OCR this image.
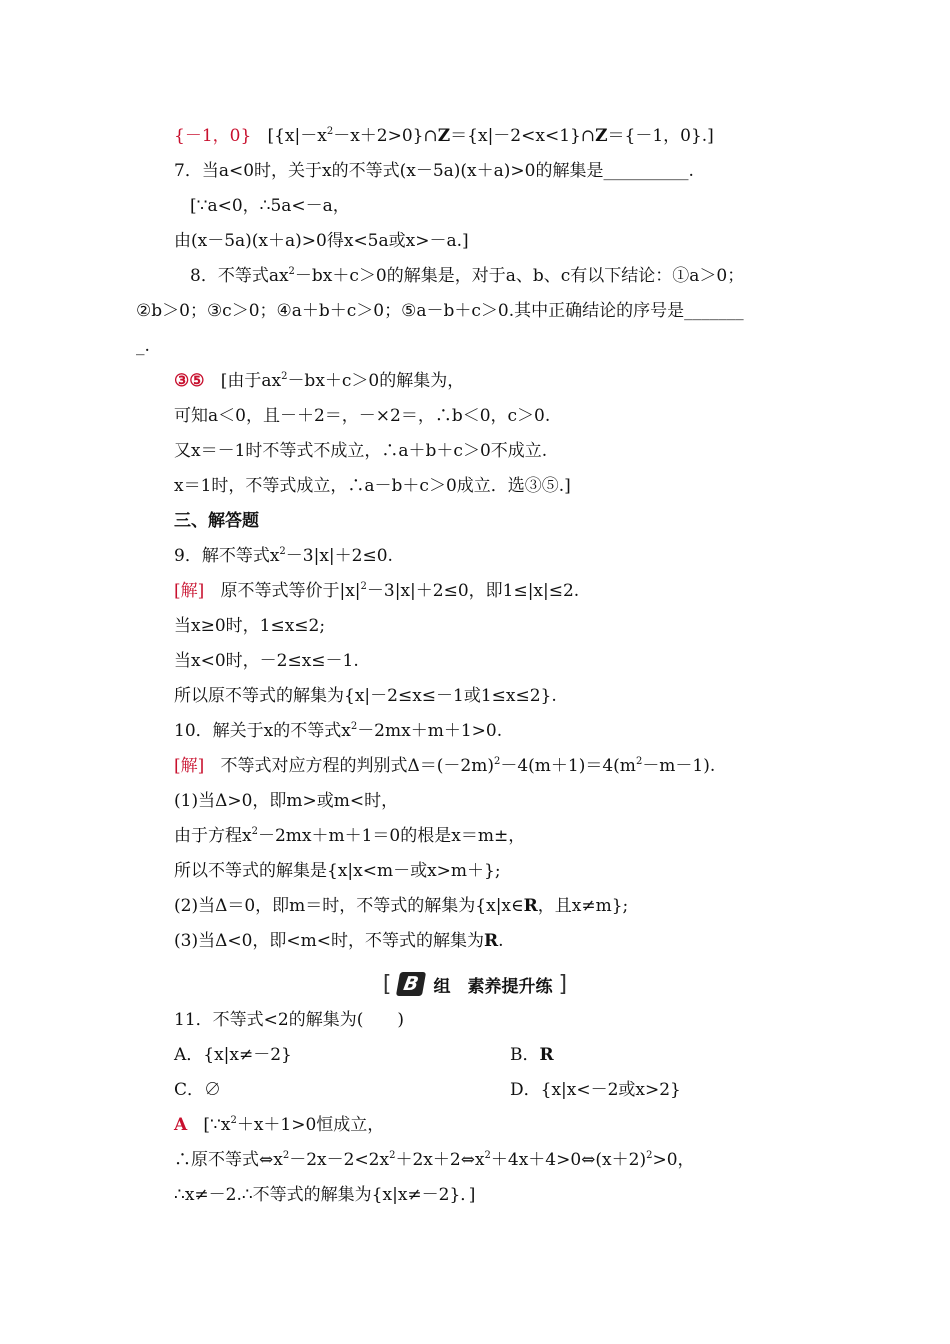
{－1，0} [$\{x|-x^2-x+2>0\}\cap Z=\{x|-2<x<1\}\cap Z=\{-1$，0}.]
7．当a<0时，关于x的不等式(x－5a)(x＋a)>0的解集是__________.
[∵a<0，∴5a<－a，
由(x－5a)(x＋a)>0得x<5a或x>－a.]
8．不等式$ax^2-bx+c>0$的解集是，对于a、b、c有以下结论：①a＞0；
②b＞0；③c＞0；④a＋b＋c＞0；⑤a－b＋c＞0.其中正确结论的序号是_______
_.
③⑤ [由于$ax^2-bx+c>0$的解集为，
可知a＜0，且－＋2＝，－×2＝，∴b＜0，c＞0.
又x＝－1时不等式不成立，∴a＋b＋c＞0不成立.
x＝1时，不等式成立，∴a－b＋c＞0成立．选③⑤.]
三、解答题
9．解不等式$x^2-3|x|+2\le 0$.
[解] 原不等式等价于$|x|^2-3|x|+2\le 0$，即1≤|x|≤2.
当x≥0时，1≤x≤2;
当x<0时，－2≤x≤－1.
所以原不等式的解集为{x|－2≤x≤－1或1≤x≤2}.
10．解关于x的不等式$x^2-2mx+m+1>0$.
[解] 不等式对应方程的判别式$\Delta=(-2m)^2-4(m+1)=4(m^2-m-1)$.
(1)当Δ>0，即m>或m<时，
由于方程$x^2-2mx+m+1=0$的根是x＝m±，
所以不等式的解集是{x|x<m－或x>m＋};
(2)当Δ＝0，即m＝时，不等式的解集为{x|x∈R，且x≠m};
(3)当Δ<0，即<m<时，不等式的解集为R.
[ B 组　素养提升练 ]
11．不等式<2的解集为(　　)
A．{x|x≠－2}	B．R
C．∅	D．{x|x<－2或x>2}
A [$\because x^2+x+1>0$恒成立，
∴原不等式$\Leftrightarrow x^2-2x-2<2x^2+2x+2\Leftrightarrow x^2+4x+4>0\Leftrightarrow(x+2)^2>0$，
∴x≠－2.∴不等式的解集为{x|x≠－2}．]
